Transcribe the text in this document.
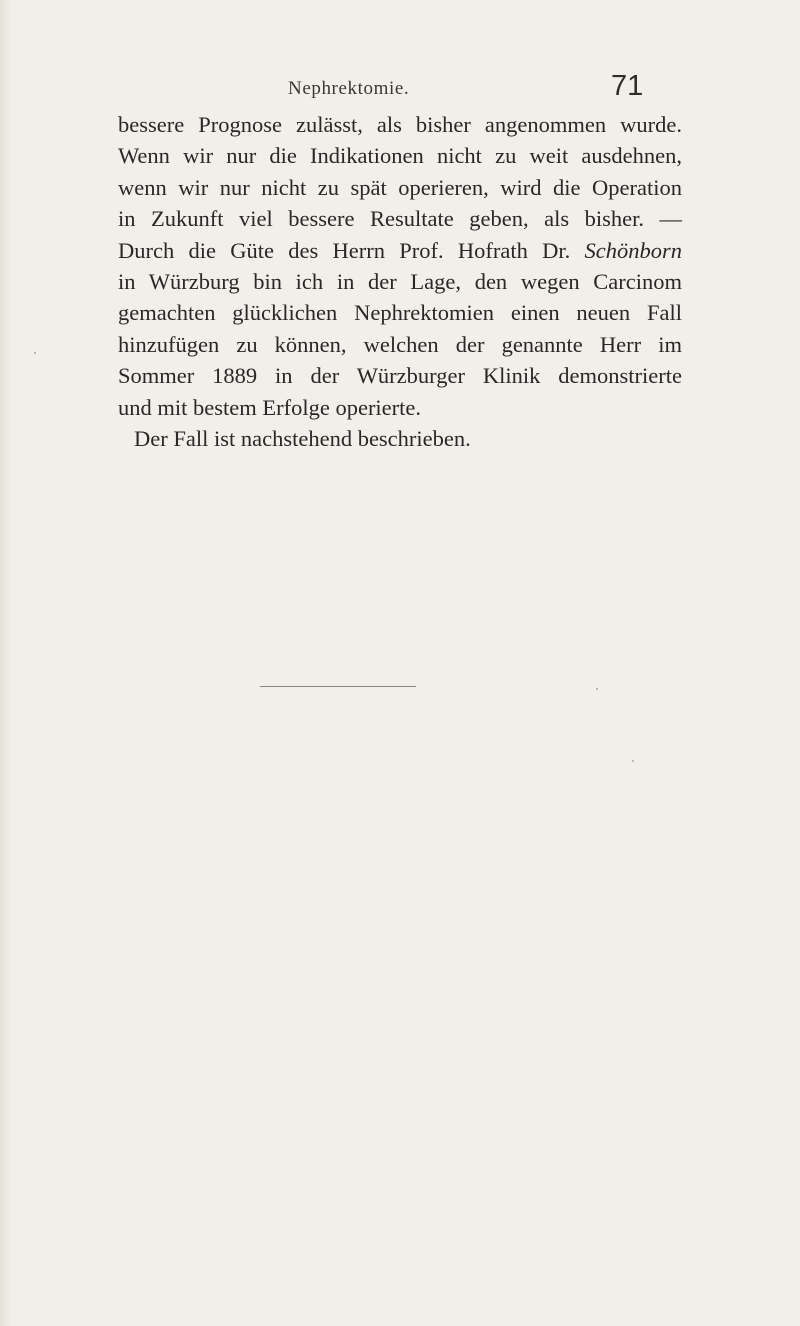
Nephrektomie.	71
bessere Prognose zulässt, als bisher angenommen wurde.
Wenn wir nur die Indikationen nicht zu weit ausdehnen,
wenn wir nur nicht zu spät operieren, wird die Operation
in Zukunft viel bessere Resultate geben, als bisher. —
Durch die Güte des Herrn Prof. Hofrath Dr. Schönborn
in Würzburg bin ich in der Lage, den wegen Carcinom
gemachten glücklichen Nephrektomien einen neuen Fall
hinzufügen zu können, welchen der genannte Herr im
Sommer 1889 in der Würzburger Klinik demonstrierte
und mit bestem Erfolge operierte.
Der Fall ist nachstehend beschrieben.
